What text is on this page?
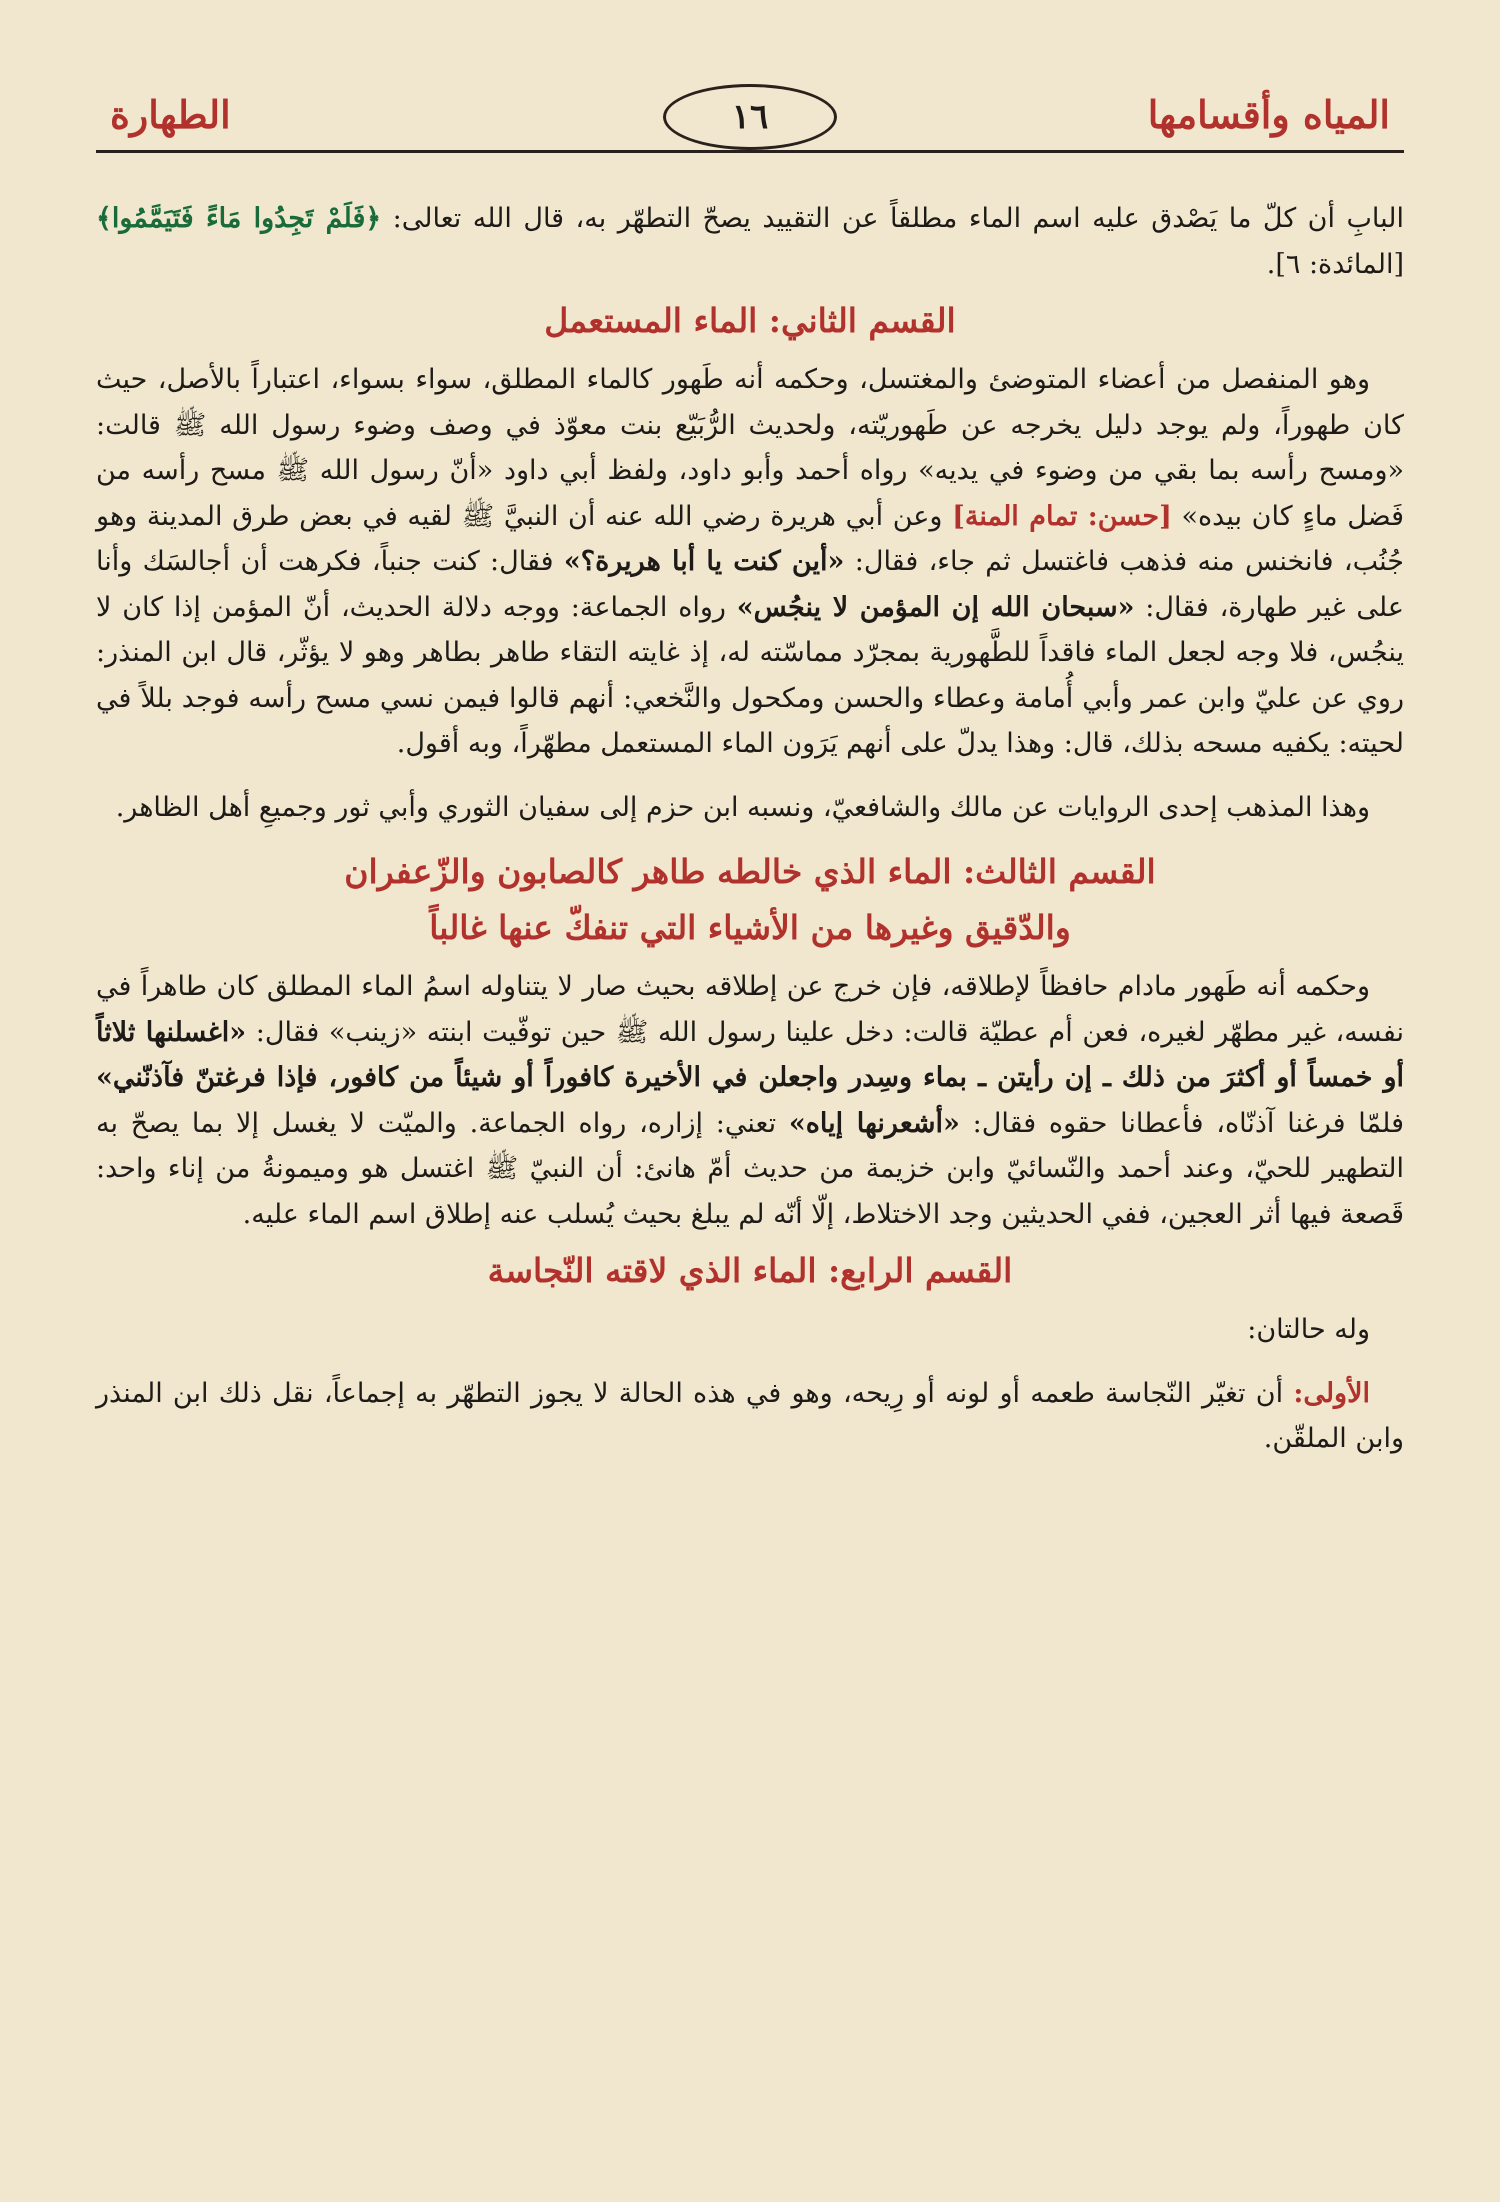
الطهارة	١٦	المياه وأقسامها

البابِ أن كلّ ما يَصْدق عليه اسم الماء مطلقاً عن التقييد يصحّ التطهّر به، قال الله تعالى: ﴿فَلَمْ تَجِدُوا مَاءً فَتَيَمَّمُوا﴾ [المائدة: ٦].

القسم الثاني: الماء المستعمل

وهو المنفصل من أعضاء المتوضئ والمغتسل، وحكمه أنه طَهور كالماء المطلق، سواء بسواء، اعتباراً بالأصل، حيث كان طهوراً، ولم يوجد دليل يخرجه عن طَهوريّته، ولحديث الرُّبَيّع بنت معوّذ في وصف وضوء رسول الله ﷺ قالت: «ومسح رأسه بما بقي من وضوء في يديه» رواه أحمد وأبو داود، ولفظ أبي داود «أنّ رسول الله ﷺ مسح رأسه من فَضل ماءٍ كان بيده» [حسن: تمام المنة] وعن أبي هريرة رضي الله عنه أن النبيَّ ﷺ لقيه في بعض طرق المدينة وهو جُنُب، فانخنس منه فذهب فاغتسل ثم جاء، فقال: «أين كنت يا أبا هريرة؟» فقال: كنت جنباً، فكرهت أن أجالسَك وأنا على غير طهارة، فقال: «سبحان الله إن المؤمن لا ينجُس» رواه الجماعة: ووجه دلالة الحديث، أنّ المؤمن إذا كان لا ينجُس، فلا وجه لجعل الماء فاقداً للطَّهورية بمجرّد مماسّته له، إذ غايته التقاء طاهر بطاهر وهو لا يؤثّر، قال ابن المنذر: روي عن عليّ وابن عمر وأبي أُمامة وعطاء والحسن ومكحول والنَّخعي: أنهم قالوا فيمن نسي مسح رأسه فوجد بللاً في لحيته: يكفيه مسحه بذلك، قال: وهذا يدلّ على أنهم يَرَون الماء المستعمل مطهّراً، وبه أقول.

وهذا المذهب إحدى الروايات عن مالك والشافعيّ، ونسبه ابن حزم إلى سفيان الثوري وأبي ثور وجميعِ أهل الظاهر.

القسم الثالث: الماء الذي خالطه طاهر كالصابون والزّعفران
والدّقيق وغيرها من الأشياء التي تنفكّ عنها غالباً

وحكمه أنه طَهور مادام حافظاً لإطلاقه، فإن خرج عن إطلاقه بحيث صار لا يتناوله اسمُ الماء المطلق كان طاهراً في نفسه، غير مطهّر لغيره، فعن أم عطيّة قالت: دخل علينا رسول الله ﷺ حين توفّيت ابنته «زينب» فقال: «اغسلنها ثلاثاً أو خمساً أو أكثرَ من ذلك ـ إن رأيتن ـ بماء وسِدر واجعلن في الأخيرة كافوراً أو شيئاً من كافور، فإذا فرغتنّ فآذنّني» فلمّا فرغنا آذنّاه، فأعطانا حقوه فقال: «أشعرنها إياه» تعني: إزاره، رواه الجماعة. والميّت لا يغسل إلا بما يصحّ به التطهير للحيّ، وعند أحمد والنّسائيّ وابن خزيمة من حديث أمّ هانئ: أن النبيّ ﷺ اغتسل هو وميمونةُ من إناء واحد: قَصعة فيها أثر العجين، ففي الحديثين وجد الاختلاط، إلّا أنّه لم يبلغ بحيث يُسلب عنه إطلاق اسم الماء عليه.

القسم الرابع: الماء الذي لاقته النّجاسة

وله حالتان:

الأولى: أن تغيّر النّجاسة طعمه أو لونه أو رِيحه، وهو في هذه الحالة لا يجوز التطهّر به إجماعاً، نقل ذلك ابن المنذر وابن الملقّن.
